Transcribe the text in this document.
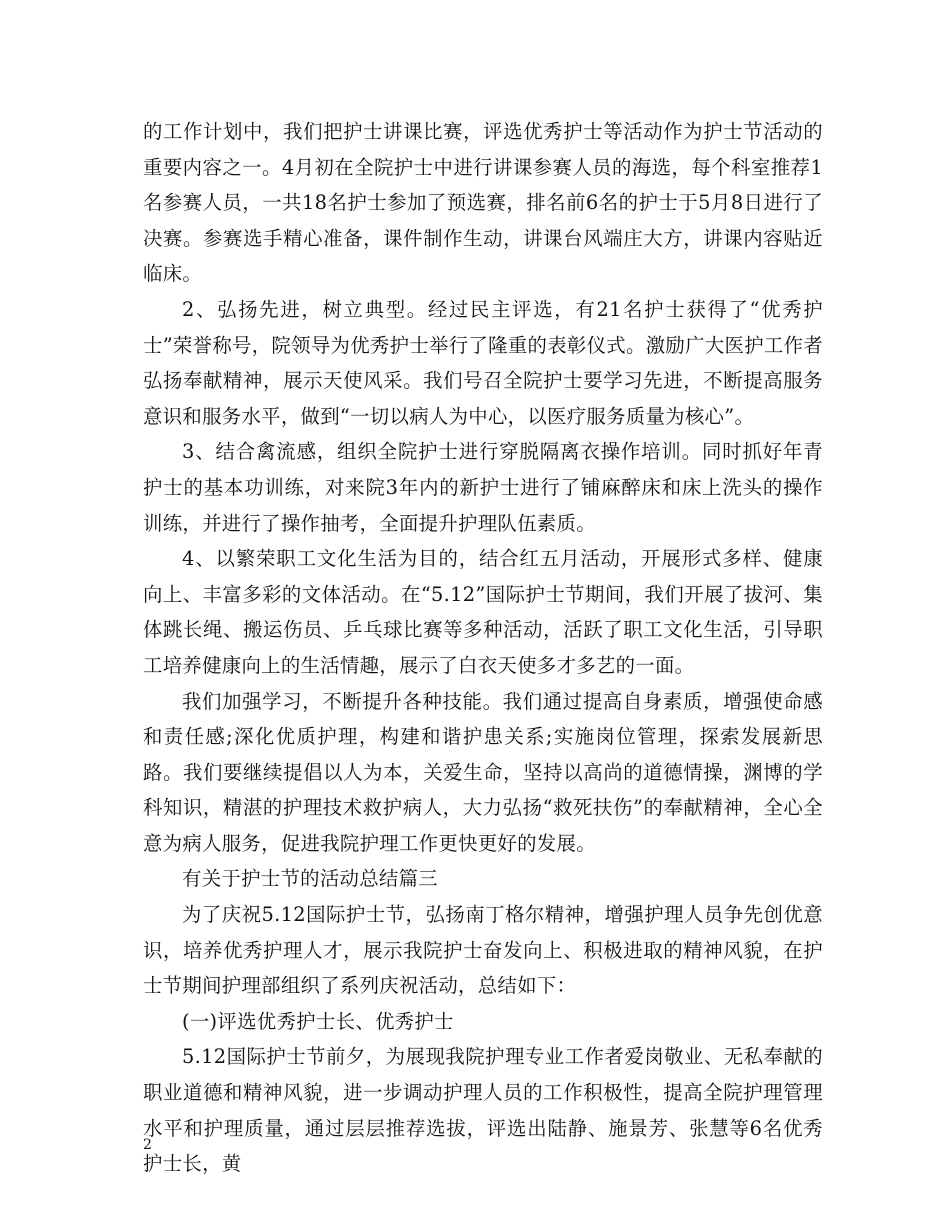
的工作计划中，我们把护士讲课比赛，评选优秀护士等活动作为护士节活动的重要内容之一。4月初在全院护士中进行讲课参赛人员的海选，每个科室推荐1名参赛人员，一共18名护士参加了预选赛，排名前6名的护士于5月8日进行了决赛。参赛选手精心准备，课件制作生动，讲课台风端庄大方，讲课内容贴近临床。

2、弘扬先进，树立典型。经过民主评选，有21名护士获得了“优秀护士”荣誉称号，院领导为优秀护士举行了隆重的表彰仪式。激励广大医护工作者弘扬奉献精神，展示天使风采。我们号召全院护士要学习先进，不断提高服务意识和服务水平，做到“一切以病人为中心，以医疗服务质量为核心”。

3、结合禽流感，组织全院护士进行穿脱隔离衣操作培训。同时抓好年青护士的基本功训练，对来院3年内的新护士进行了铺麻醉床和床上洗头的操作训练，并进行了操作抽考，全面提升护理队伍素质。

4、以繁荣职工文化生活为目的，结合红五月活动，开展形式多样、健康向上、丰富多彩的文体活动。在“5.12”国际护士节期间，我们开展了拔河、集体跳长绳、搬运伤员、乒乓球比赛等多种活动，活跃了职工文化生活，引导职工培养健康向上的生活情趣，展示了白衣天使多才多艺的一面。

我们加强学习，不断提升各种技能。我们通过提高自身素质，增强使命感和责任感;深化优质护理，构建和谐护患关系;实施岗位管理，探索发展新思路。我们要继续提倡以人为本，关爱生命，坚持以高尚的道德情操，渊博的学科知识，精湛的护理技术救护病人，大力弘扬“救死扶伤”的奉献精神，全心全意为病人服务，促进我院护理工作更快更好的发展。

有关于护士节的活动总结篇三

为了庆祝5.12国际护士节，弘扬南丁格尔精神，增强护理人员争先创优意识，培养优秀护理人才，展示我院护士奋发向上、积极进取的精神风貌，在护士节期间护理部组织了系列庆祝活动，总结如下：

(一)评选优秀护士长、优秀护士

5.12国际护士节前夕，为展现我院护理专业工作者爱岗敬业、无私奉献的职业道德和精神风貌，进一步调动护理人员的工作积极性，提高全院护理管理水平和护理质量，通过层层推荐选拔，评选出陆静、施景芳、张慧等6名优秀护士长，黄

2
